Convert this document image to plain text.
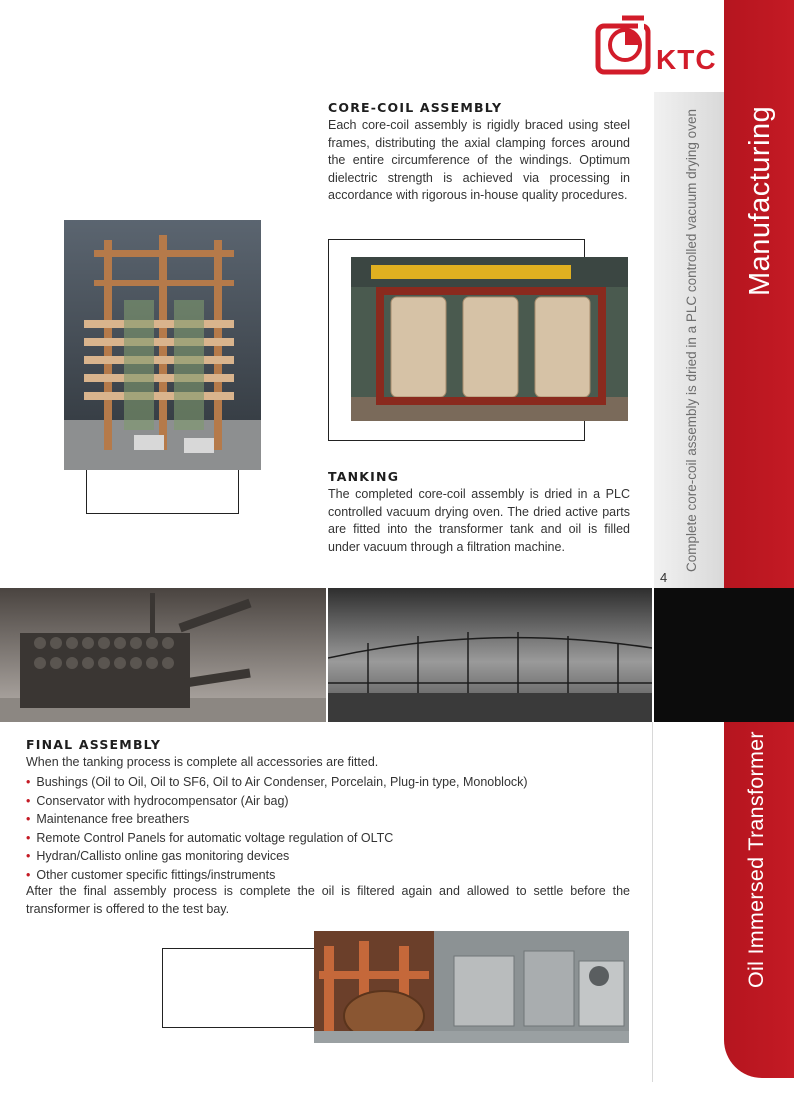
KTC
Manufacturing
Complete core-coil assembly is dried in a PLC controlled vacuum drying oven
Oil Immersed Transformer
4
CORE-COIL ASSEMBLY
Each core-coil assembly is rigidly braced using steel frames, distributing the axial clamping forces around the entire circumference of the windings. Optimum dielectric strength is achieved via processing in accordance with rigorous in-house quality procedures.
TANKING
The completed core-coil assembly is dried in a PLC controlled vacuum drying oven. The dried active parts are fitted into the transformer tank and oil is filled under vacuum through a filtration machine.
FINAL ASSEMBLY
When the tanking process is complete all accessories are fitted.
• Bushings (Oil to Oil, Oil to SF6, Oil to Air Condenser, Porcelain, Plug-in type, Monoblock)
• Conservator with hydrocompensator (Air bag)
• Maintenance free breathers
• Remote Control Panels for automatic voltage regulation of OLTC
• Hydran/Callisto online gas monitoring devices
• Other customer specific fittings/instruments
After the final assembly process is complete the oil is filtered again and allowed to settle before the transformer is offered to the test bay.
